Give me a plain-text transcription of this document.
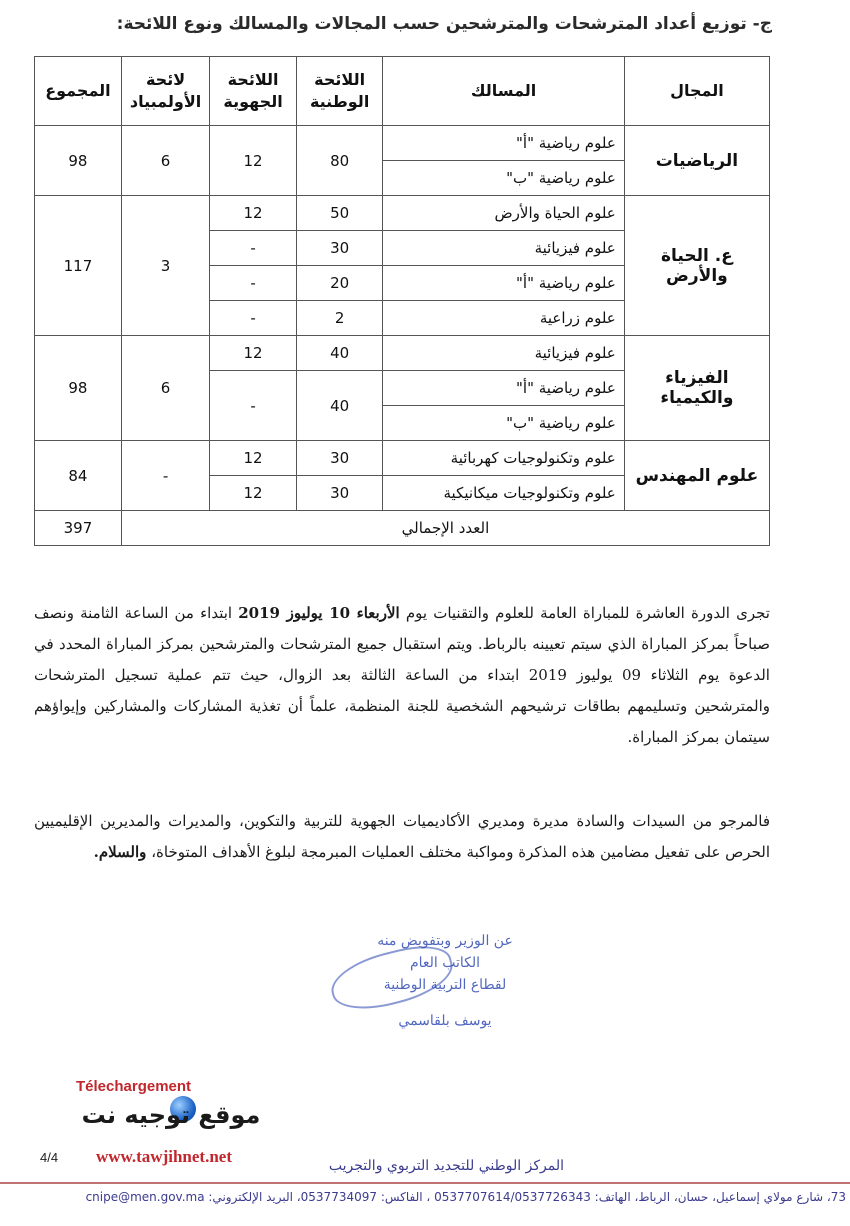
ج- توزيع أعداد المترشحات والمترشحين حسب المجالات والمسالك ونوع اللائحة:
المجال	المسالك	اللائحة الوطنية	اللائحة الجهوية	لائحة الأولمبياد	المجموع
الرياضيات	علوم رياضية "أ"	80	12	6	98
	علوم رياضية "ب"				
ع. الحياة والأرض	علوم الحياة والأرض	50	12	3	117
	علوم فيزيائية	30	-		
	علوم رياضية "أ"	20	-		
	علوم زراعية	2	-		
الفيزياء والكيمياء	علوم فيزيائية	40	12	6	98
	علوم رياضية "أ"	40	-		
	علوم رياضية "ب"				
علوم المهندس	علوم وتكنولوجيات كهربائية	30	12	-	84
	علوم وتكنولوجيات ميكانيكية	30	12		
العدد الإجمالي					397
تجرى الدورة العاشرة للمباراة العامة للعلوم والتقنيات يوم الأربعاء 10 يوليوز 2019 ابتداء من الساعة الثامنة ونصف صباحاً بمركز المباراة الذي سيتم تعيينه بالرباط. ويتم استقبال جميع المترشحات والمترشحين بمركز المباراة المحدد في الدعوة يوم الثلاثاء 09 يوليوز 2019 ابتداء من الساعة الثالثة بعد الزوال، حيث تتم عملية تسجيل المترشحات والمترشحين وتسليمهم بطاقات ترشيحهم الشخصية للجنة المنظمة، علماً أن تغذية المشاركات والمشاركين وإيواؤهم سيتمان بمركز المباراة.
فالمرجو من السيدات والسادة مديرة ومديري الأكاديميات الجهوية للتربية والتكوين، والمديرات والمديرين الإقليميين الحرص على تفعيل مضامين هذه المذكرة ومواكبة مختلف العمليات المبرمجة لبلوغ الأهداف المتوخاة، والسلام.
عن الوزير وبتفويض منه
الكاتب العام
لقطاع التربية الوطنية
يوسف بلقاسمي
Télechargement
موقع توجيه نت
4/4 www.tawjihnet.net	المركز الوطني للتجديد التربوي والتجريب
73، شارع مولاي إسماعيل، حسان، الرباط، الهاتف: 0537707614/0537726343 ، الفاكس: 0537734097، البريد الإلكتروني: cnipe@men.gov.ma
